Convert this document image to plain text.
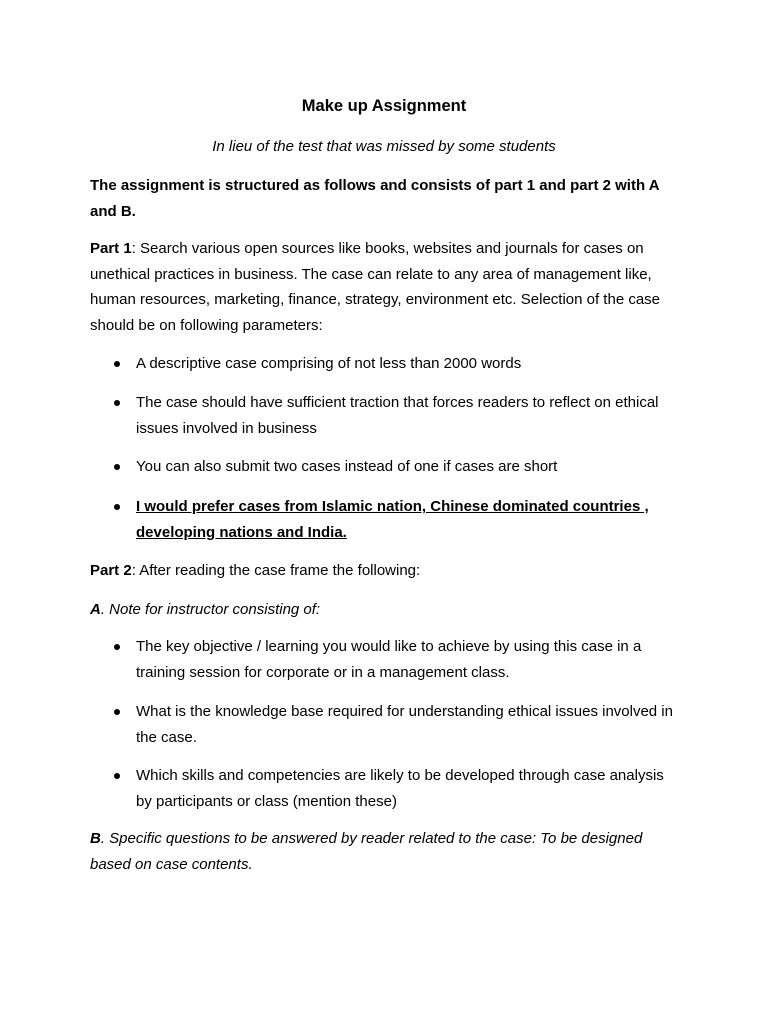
Make up Assignment
In lieu of the test that was missed by some students
The assignment is structured as follows and consists of part 1 and part 2 with A and B.
Part 1: Search various open sources like books, websites and journals for cases on unethical practices in business. The case can relate to any area of management like, human resources, marketing, finance, strategy, environment etc. Selection of the case should be on following parameters:
A descriptive case comprising of not less than 2000 words
The case should have sufficient traction that forces readers to reflect on ethical issues involved in business
You can also submit two cases instead of one if cases are short
I would prefer cases from Islamic nation, Chinese dominated countries , developing nations and India.
Part 2: After reading the case frame the following:
A. Note for instructor consisting of:
The key objective / learning you would like to achieve by using this case in a training session for corporate or in a management class.
What is the knowledge base required for understanding ethical issues involved in the case.
Which skills and competencies are likely to be developed through case analysis by participants or class (mention these)
B. Specific questions to be answered by reader related to the case: To be designed based on case contents.
